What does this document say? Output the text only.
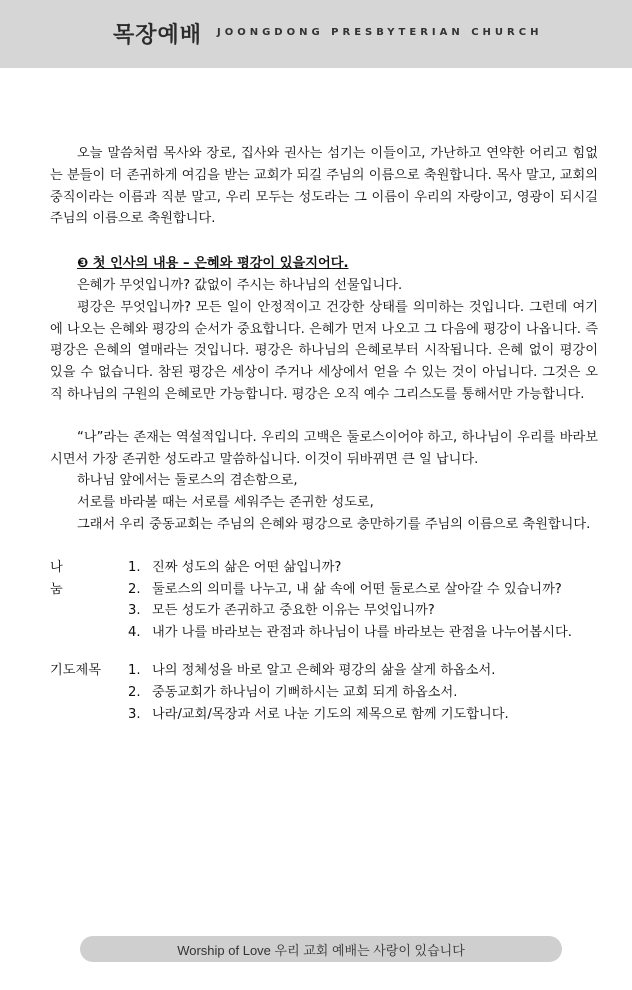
목장예배 JOONGDONG PRESBYTERIAN CHURCH

오늘 말씀처럼 목사와 장로, 집사와 권사는 섬기는 이들이고, 가난하고 연약한 어리고 힘없는 분들이 더 존귀하게 여김을 받는 교회가 되길 주님의 이름으로 축원합니다. 목사 말고, 교회의 중직이라는 이름과 직분 말고, 우리 모두는 성도라는 그 이름이 우리의 자랑이고, 영광이 되시길 주님의 이름으로 축원합니다.

❸ 첫 인사의 내용 – 은혜와 평강이 있을지어다.

은혜가 무엇입니까? 값없이 주시는 하나님의 선물입니다.

평강은 무엇입니까? 모든 일이 안정적이고 건강한 상태를 의미하는 것입니다. 그런데 여기에 나오는 은혜와 평강의 순서가 중요합니다. 은혜가 먼저 나오고 그 다음에 평강이 나옵니다. 즉 평강은 은혜의 열매라는 것입니다. 평강은 하나님의 은혜로부터 시작됩니다. 은혜 없이 평강이 있을 수 없습니다. 참된 평강은 세상이 주거나 세상에서 얻을 수 있는 것이 아닙니다. 그것은 오직 하나님의 구원의 은혜로만 가능합니다. 평강은 오직 예수 그리스도를 통해서만 가능합니다.

“나”라는 존재는 역설적입니다. 우리의 고백은 둘로스이어야 하고, 하나님이 우리를 바라보시면서 가장 존귀한 성도라고 말씀하십니다. 이것이 뒤바뀌면 큰 일 납니다.

하나님 앞에서는 둘로스의 겸손함으로,

서로를 바라볼 때는 서로를 세워주는 존귀한 성도로,

그래서 우리 중동교회는 주님의 은혜와 평강으로 충만하기를 주님의 이름으로 축원합니다.

나눔
1. 진짜 성도의 삶은 어떤 삶입니까?
2. 둘로스의 의미를 나누고, 내 삶 속에 어떤 둘로스로 살아갈 수 있습니까?
3. 모든 성도가 존귀하고 중요한 이유는 무엇입니까?
4. 내가 나를 바라보는 관점과 하나님이 나를 바라보는 관점을 나누어봅시다.
기도제목	1. 나의 정체성을 바로 알고 은혜와 평강의 삶을 살게 하옵소서.
2. 중동교회가 하나님이 기뻐하시는 교회 되게 하옵소서.
3. 나라/교회/목장과 서로 나눈 기도의 제목으로 함께 기도합니다.
Worship of Love 우리 교회 예배는 사랑이 있습니다
